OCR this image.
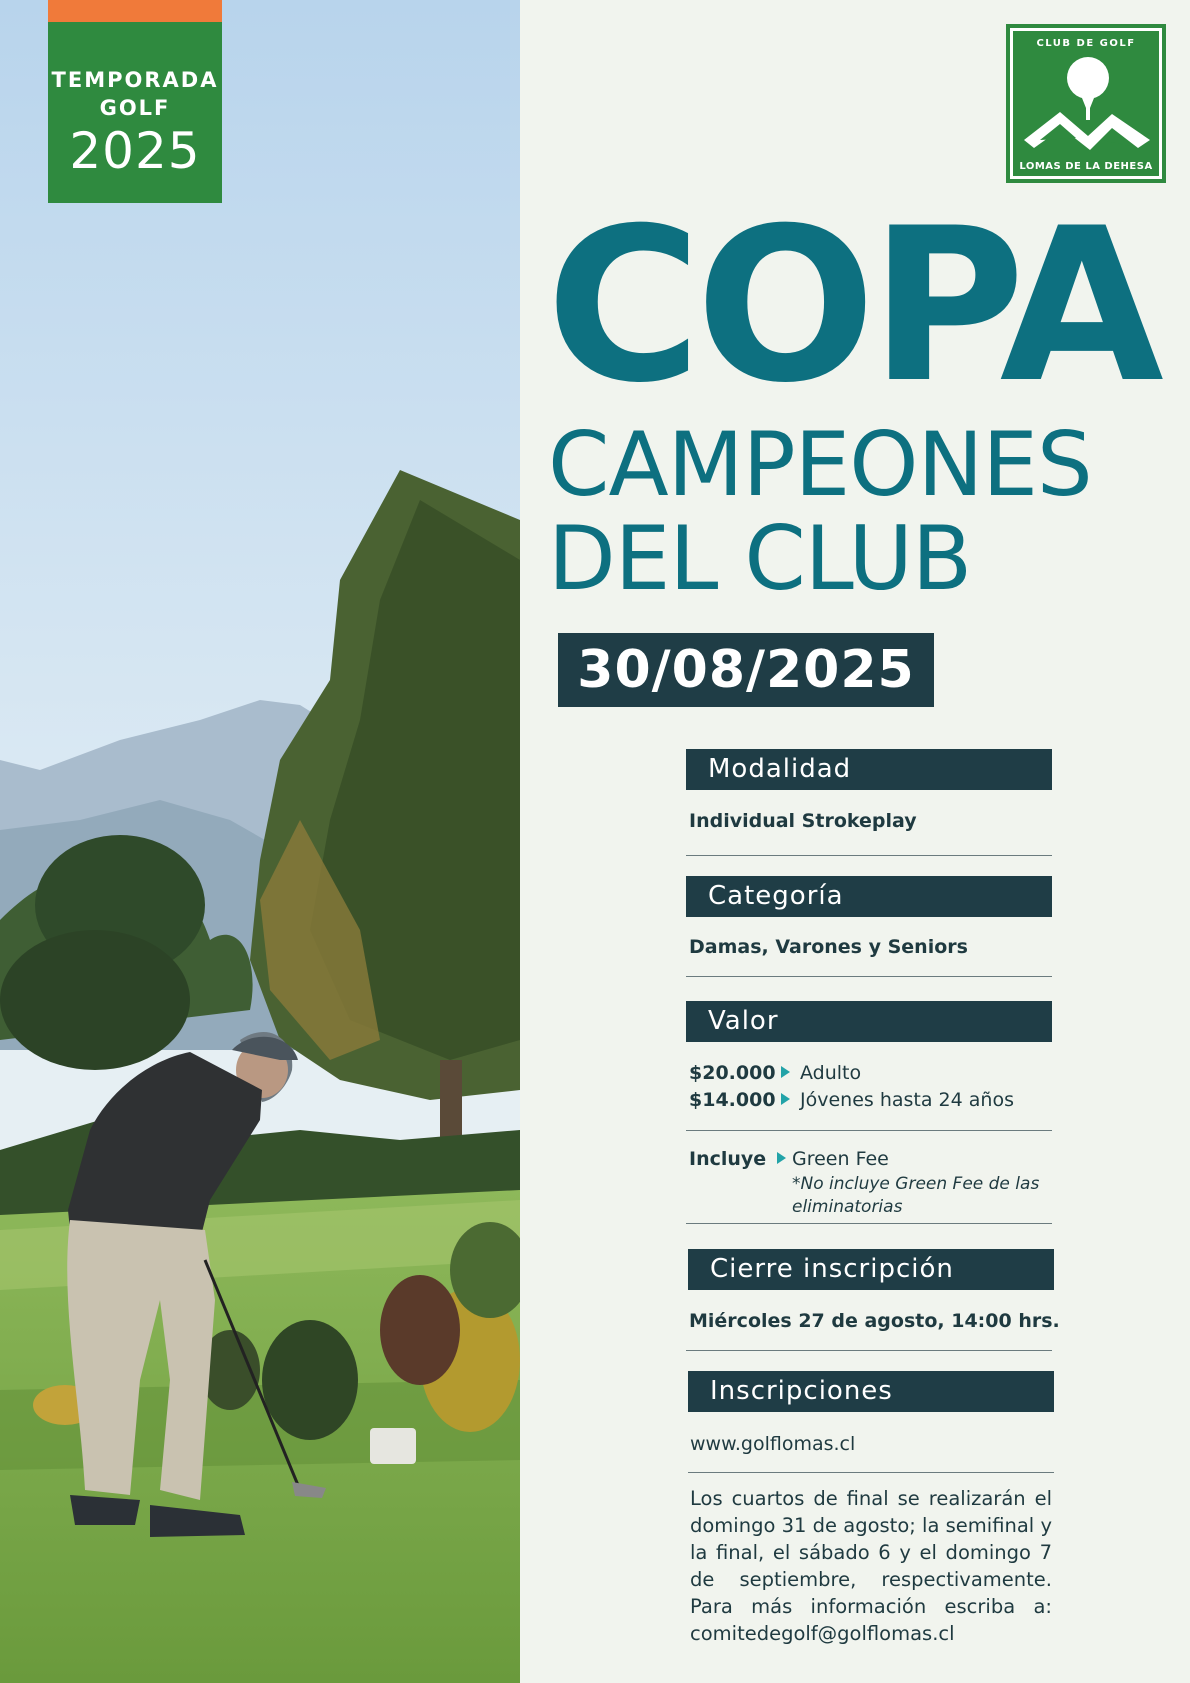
TEMPORADA
GOLF
2025
CLUB DE GOLF
LOMAS DE LA DEHESA
COPA
CAMPEONES
DEL CLUB
30/08/2025
Modalidad
Individual Strokeplay
Categoría
Damas, Varones y Seniors
Valor
$20.000 Adulto
$14.000 Jóvenes hasta 24 años
Incluye Green Fee
*No incluye Green Fee de las
eliminatorias
Cierre inscripción
Miércoles 27 de agosto, 14:00 hrs.
Inscripciones
www.golflomas.cl
Los cuartos de final se realizarán el domingo 31 de agosto; la semifinal y la final, el sábado 6 y el domingo 7 de septiembre, respectivamente. Para más información escriba a: comitedegolf@golflomas.cl
